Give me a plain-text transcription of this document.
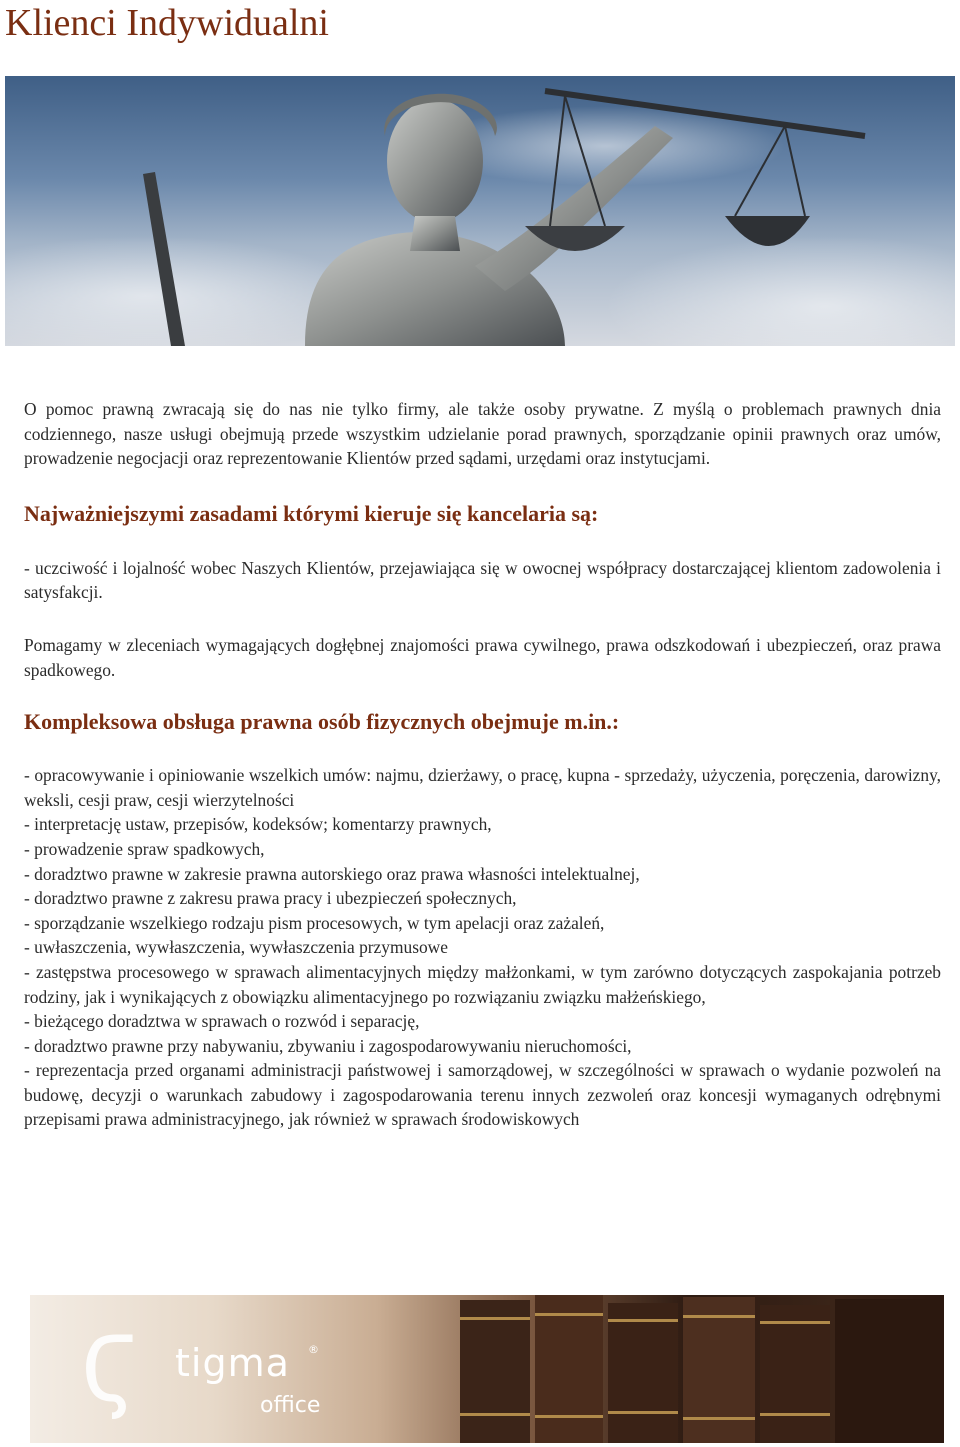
Klienci Indywidualni

O pomoc prawną zwracają się do nas nie tylko firmy, ale także osoby prywatne. Z myślą o problemach prawnych dnia codziennego, nasze usługi obejmują przede wszystkim udzielanie porad prawnych, sporządzanie opinii prawnych oraz umów, prowadzenie negocjacji oraz reprezentowanie Klientów przed sądami, urzędami oraz instytucjami.

Najważniejszymi zasadami którymi kieruje się kancelaria są:

- uczciwość i lojalność wobec Naszych Klientów, przejawiająca się w owocnej współpracy dostarczającej klientom zadowolenia i satysfakcji.

Pomagamy w zleceniach wymagających dogłębnej znajomości prawa cywilnego, prawa odszkodowań i ubezpieczeń, oraz prawa spadkowego.

Kompleksowa obsługa prawna osób fizycznych obejmuje m.in.:

- opracowywanie i opiniowanie wszelkich umów: najmu, dzierżawy, o pracę, kupna - sprzedaży, użyczenia, poręczenia, darowizny, weksli, cesji praw, cesji wierzytelności

- interpretację ustaw, przepisów, kodeksów; komentarzy prawnych,

- prowadzenie spraw spadkowych,

- doradztwo prawne w zakresie prawna autorskiego oraz prawa własności intelektualnej,

- doradztwo prawne z zakresu prawa pracy i ubezpieczeń społecznych,

- sporządzanie wszelkiego rodzaju pism procesowych, w tym apelacji oraz zażaleń,

- uwłaszczenia, wywłaszczenia, wywłaszczenia przymusowe

- zastępstwa procesowego w sprawach alimentacyjnych między małżonkami, w tym zarówno dotyczących zaspokajania potrzeb rodziny, jak i wynikających z obowiązku alimentacyjnego po rozwiązaniu związku małżeńskiego,

- bieżącego doradztwa w sprawach o rozwód i separację,

- doradztwo prawne przy nabywaniu, zbywaniu i zagospodarowywaniu nieruchomości,

- reprezentacja przed organami administracji państwowej i samorządowej, w szczególności w sprawach o wydanie pozwoleń na budowę, decyzji o warunkach zabudowy i zagospodarowania terenu innych zezwoleń oraz koncesji wymaganych odrębnymi przepisami prawa administracyjnego, jak również w sprawach środowiskowych

Ϛ tigma ®
office
